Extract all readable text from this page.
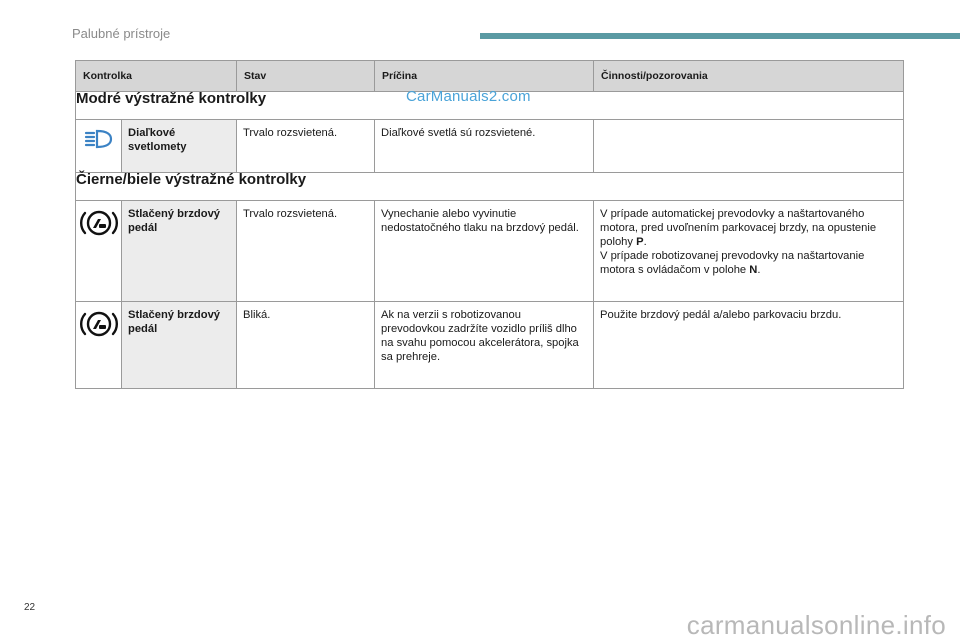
Palubné prístroje
Kontrolka		Stav	Príčina	Činnosti/pozorovania
Modré výstražné kontrolky				
	Diaľkové svetlomety	Trvalo rozsvietená.	Diaľkové svetlá sú rozsvietené.	
Čierne/biele výstražné kontrolky				
	Stlačený brzdový pedál	Trvalo rozsvietená.	Vynechanie alebo vyvinutie nedostatočného tlaku na brzdový pedál.	V prípade automatickej prevodovky a naštartovaného motora, pred uvoľnením parkovacej brzdy, na opustenie polohy P.
V prípade robotizovanej prevodovky na naštartovanie motora s ovládačom v polohe N.
	Stlačený brzdový pedál	Bliká.	Ak na verzii s robotizovanou prevodovkou zadržíte vozidlo príliš dlho na svahu pomocou akcelerátora, spojka sa prehreje.	Použite brzdový pedál a/alebo parkovaciu brzdu.
CarManuals2.com
22
carmanualsonline.info
